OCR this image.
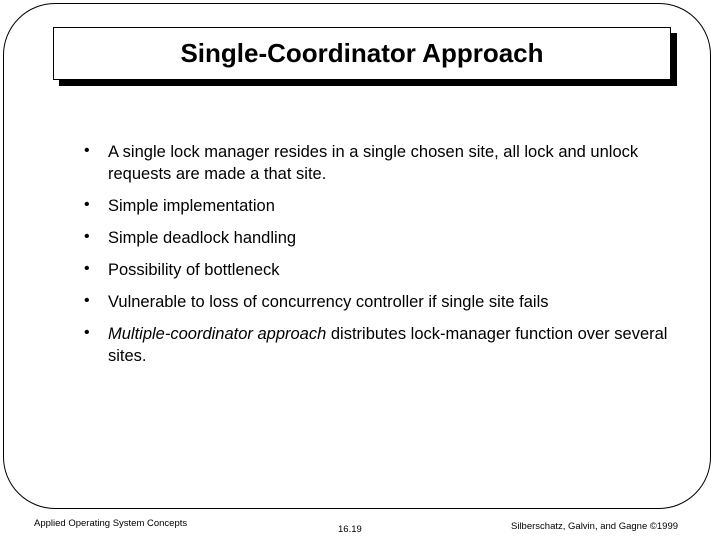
Single-Coordinator Approach
• A single lock manager resides in a single chosen site, all lock and unlock requests are made a that site.
• Simple implementation
• Simple deadlock handling
• Possibility of bottleneck
• Vulnerable to loss of concurrency controller if single site fails
• Multiple-coordinator approach distributes lock-manager function over several sites.
Applied Operating System Concepts
16.19	Silberschatz, Galvin, and Gagne ©1999
